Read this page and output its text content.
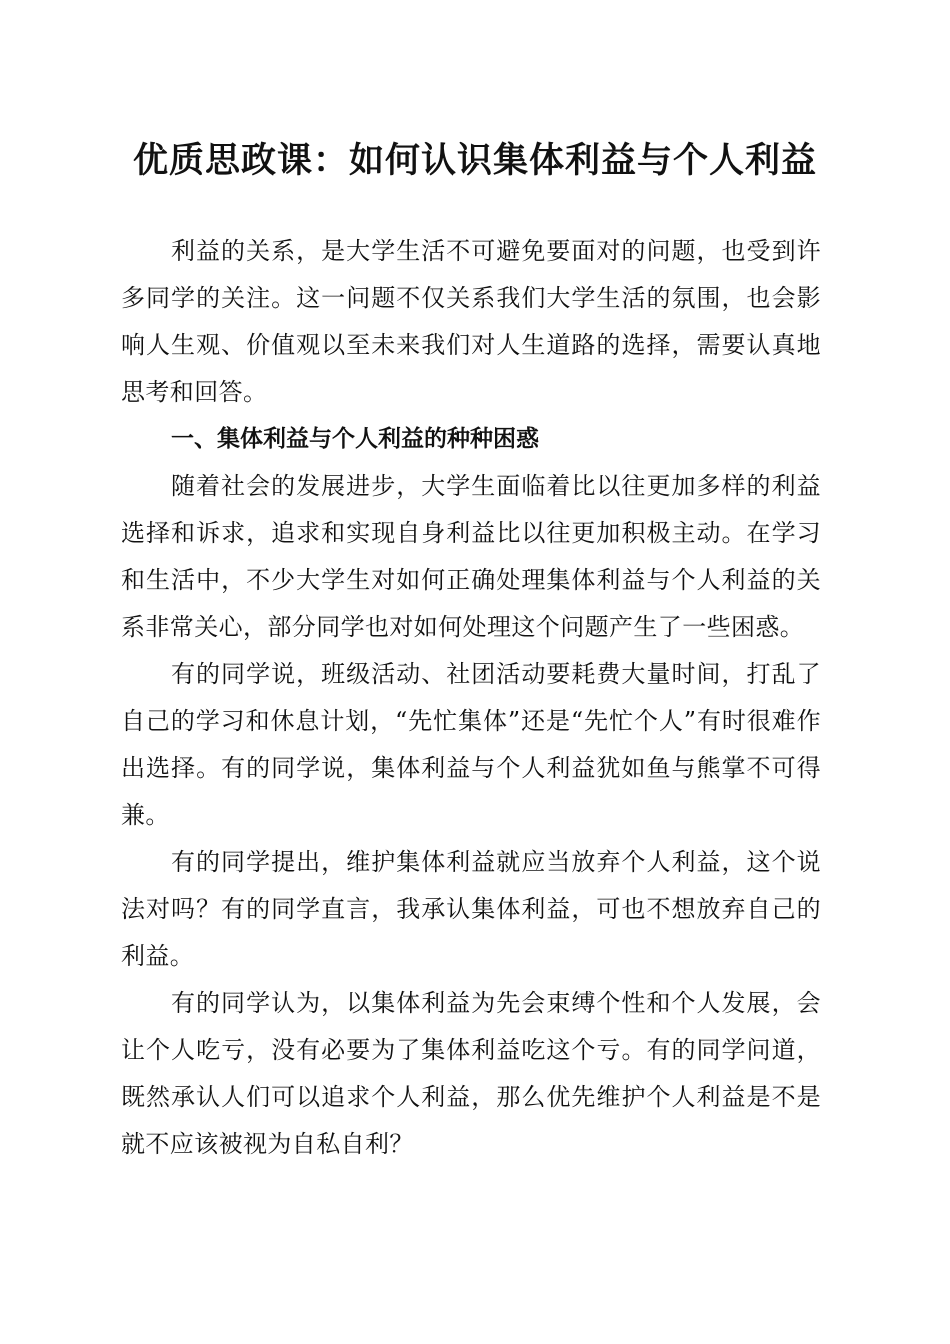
优质思政课：如何认识集体利益与个人利益

利益的关系，是大学生活不可避免要面对的问题，也受到许多同学的关注。这一问题不仅关系我们大学生活的氛围，也会影响人生观、价值观以至未来我们对人生道路的选择，需要认真地思考和回答。

一、集体利益与个人利益的种种困惑

随着社会的发展进步，大学生面临着比以往更加多样的利益选择和诉求，追求和实现自身利益比以往更加积极主动。在学习和生活中，不少大学生对如何正确处理集体利益与个人利益的关系非常关心，部分同学也对如何处理这个问题产生了一些困惑。

有的同学说，班级活动、社团活动要耗费大量时间，打乱了自己的学习和休息计划，“先忙集体”还是“先忙个人”有时很难作出选择。有的同学说，集体利益与个人利益犹如鱼与熊掌不可得兼。

有的同学提出，维护集体利益就应当放弃个人利益，这个说法对吗？有的同学直言，我承认集体利益，可也不想放弃自己的利益。

有的同学认为，以集体利益为先会束缚个性和个人发展，会让个人吃亏，没有必要为了集体利益吃这个亏。有的同学问道，既然承认人们可以追求个人利益，那么优先维护个人利益是不是就不应该被视为自私自利？
